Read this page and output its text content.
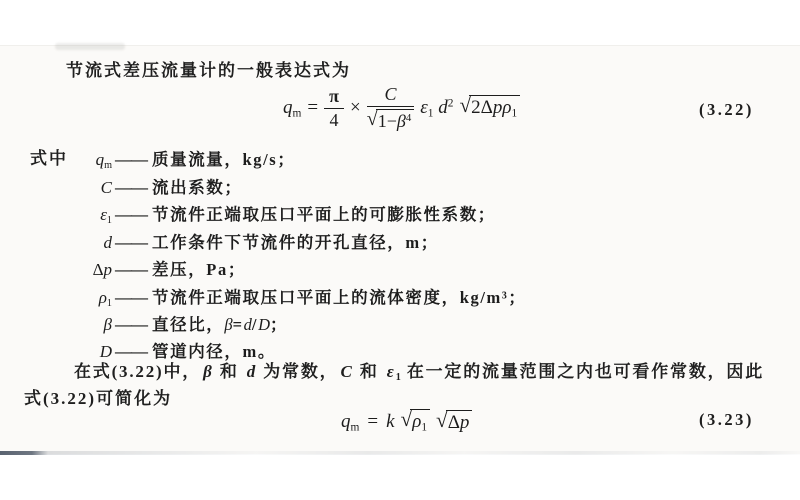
节流式差压流量计的一般表达式为
$q_m = \frac{\pi}{4} \times \frac{C}{√1-\beta^4} \varepsilon_1$ $d^2$ √2Δpρ$_1$	(3.22)
式中	$q_m$ —— 质量流量，kg/s；
C —— 流出系数；
$\varepsilon_1$ —— 节流件正端取压口平面上的可膨胀性系数；
d —— 工作条件下节流件的开孔直径，m；
Δp —— 差压，Pa；
$\rho_1$ —— 节流件正端取压口平面上的流体密度，kg/m³；
β —— 直径比，β=d/D；
D —— 管道内径，m。
在式(3.22)中， β 和 d 为常数， C 和 ε $_1$ 在一定的流量范围之内也可看作常数，因此
式(3.22)可简化为
$q_m = k$ $√\rho_1$ √Δp	(3.23)
